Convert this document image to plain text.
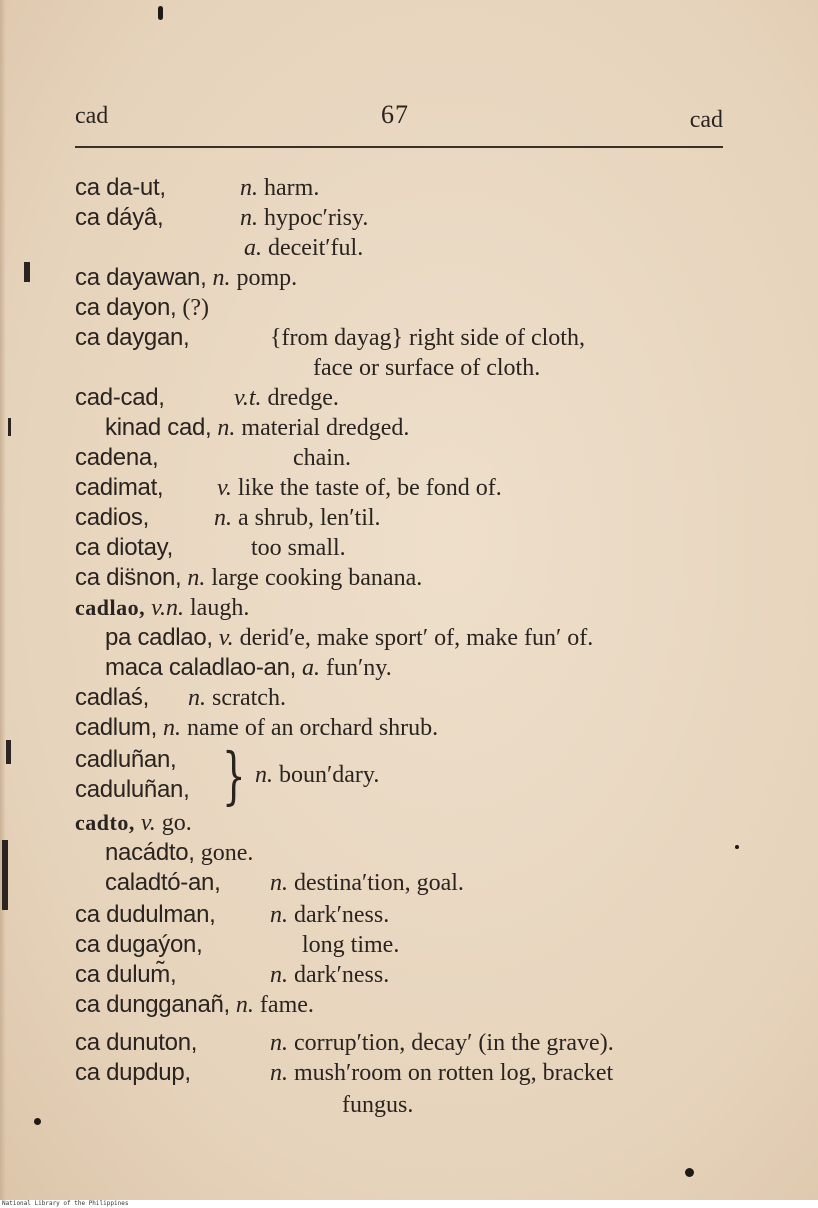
cad	67	cad
ca da-ut,	n. harm.
ca dáyâ,	n. hypoc′risy.
a. deceit′ful.
ca dayawan, n. pomp.
ca dayon, (?)
ca daygan,	{from dayag} right side of cloth,
face or surface of cloth.
cad-cad,	v.t. dredge.
kinad cad, n. material dredged.
cadena,	chain.
cadimat, v. like the taste of, be fond of.
cadios,	n. a shrub, len′til.
ca diotay,	too small.
ca dis̈non, n. large cooking banana.
cadlao, v.n. laugh.
pa cadlao, v. derid′e, make sport′ of, make fun′ of.
maca caladlao-an, a. fun′ny.
cadlaś, n. scratch.
cadlum, n. name of an orchard shrub.
cadluñan,
caduluñan, } n. boun′dary.
cadto, v. go.
nacádto, gone.
caladtó-an, n. destina′tion, goal.
ca dudulman, n. dark′ness.
ca dugaýon,	long time.
ca dulum̃,	n. dark′ness.
ca dungganañ, n. fame.
ca dunuton,	n. corrup′tion, decay′ (in the grave).
ca dupdup,	n. mush′room on rotten log, bracket
fungus.
National Library of the Philippines
